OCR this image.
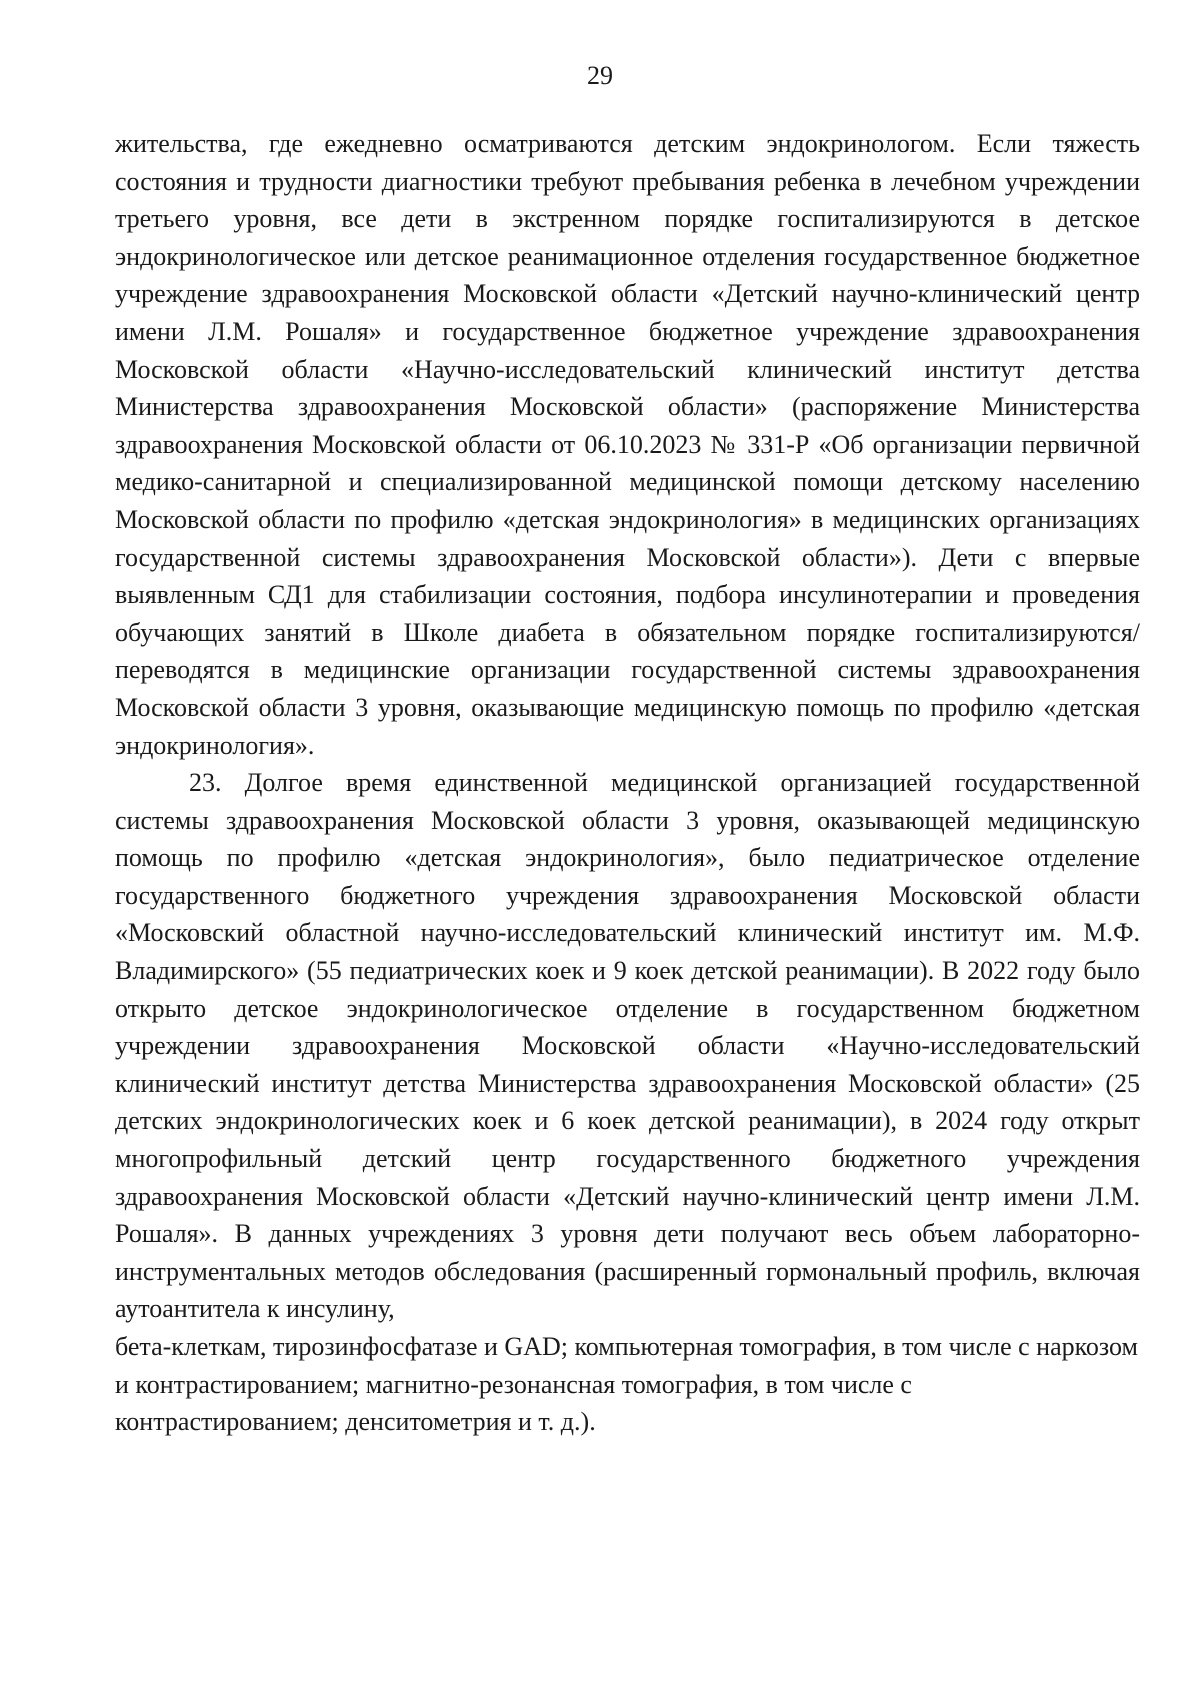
29

жительства, где ежедневно осматриваются детским эндокринологом. Если тяжесть состояния и трудности диагностики требуют пребывания ребенка в лечебном учреждении третьего уровня, все дети в экстренном порядке госпитализируются в детское эндокринологическое или детское реанимационное отделения государственное бюджетное учреждение здравоохранения Московской области «Детский научно-клинический центр имени Л.М. Рошаля» и государственное бюджетное учреждение здравоохранения Московской области «Научно-исследовательский клинический институт детства Министерства здравоохранения Московской области» (распоряжение Министерства здравоохранения Московской области от 06.10.2023 № 331-Р «Об организации первичной медико-санитарной и специализированной медицинской помощи детскому населению Московской области по профилю «детская эндокринология» в медицинских организациях государственной системы здравоохранения Московской области»). Дети с впервые выявленным СД1 для стабилизации состояния, подбора инсулинотерапии и проведения обучающих занятий в Школе диабета в обязательном порядке госпитализируются/переводятся в медицинские организации государственной системы здравоохранения Московской области 3 уровня, оказывающие медицинскую помощь по профилю «детская эндокринология».

23. Долгое время единственной медицинской организацией государственной системы здравоохранения Московской области 3 уровня, оказывающей медицинскую помощь по профилю «детская эндокринология», было педиатрическое отделение государственного бюджетного учреждения здравоохранения Московской области «Московский областной научно-исследовательский клинический институт им. М.Ф. Владимирского» (55 педиатрических коек и 9 коек детской реанимации). В 2022 году было открыто детское эндокринологическое отделение в государственном бюджетном учреждении здравоохранения Московской области «Научно-исследовательский клинический институт детства Министерства здравоохранения Московской области» (25 детских эндокринологических коек и 6 коек детской реанимации), в 2024 году открыт многопрофильный детский центр государственного бюджетного учреждения здравоохранения Московской области «Детский научно-клинический центр имени Л.М. Рошаля». В данных учреждениях 3 уровня дети получают весь объем лабораторно-инструментальных методов обследования (расширенный гормональный профиль, включая аутоантитела к инсулину,

бета-клеткам, тирозинфосфатазе и GAD; компьютерная томография, в том числе с наркозом и контрастированием; магнитно-резонансная томография, в том числе с контрастированием; денситометрия и т. д.).
